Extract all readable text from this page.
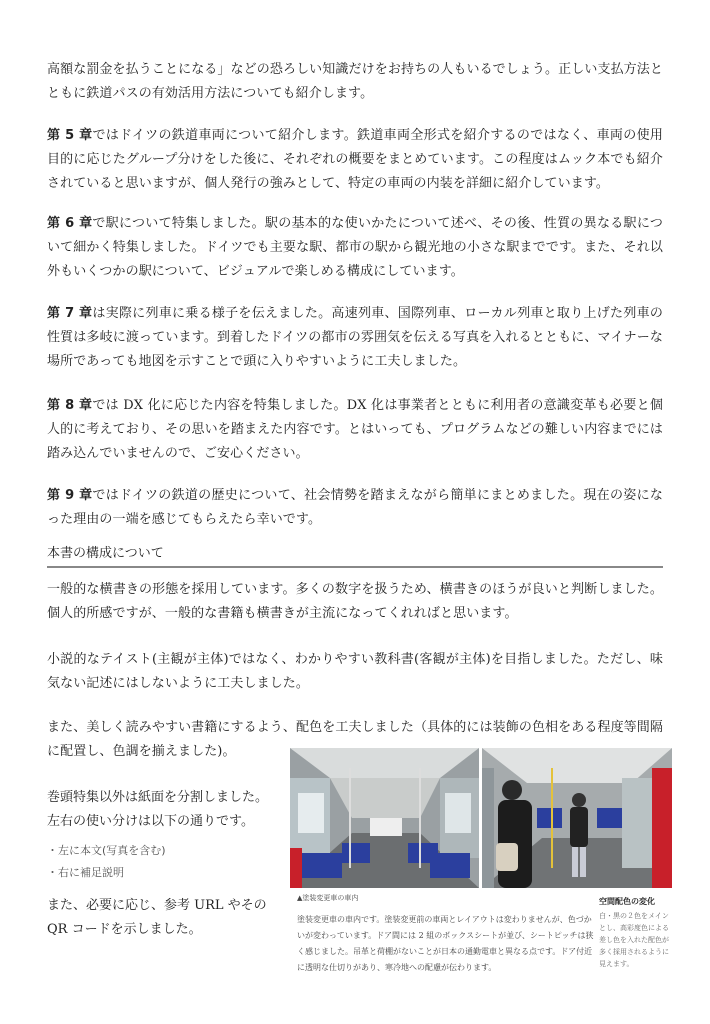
高額な罰金を払うことになる」などの恐ろしい知識だけをお持ちの人もいるでしょう。正しい支払方法とともに鉄道パスの有効活用方法についても紹介します。
第 5 章ではドイツの鉄道車両について紹介します。鉄道車両全形式を紹介するのではなく、車両の使用目的に応じたグループ分けをした後に、それぞれの概要をまとめています。この程度はムック本でも紹介されていると思いますが、個人発行の強みとして、特定の車両の内装を詳細に紹介しています。
第 6 章で駅について特集しました。駅の基本的な使いかたについて述べ、その後、性質の異なる駅について細かく特集しました。ドイツでも主要な駅、都市の駅から観光地の小さな駅までです。また、それ以外もいくつかの駅について、ビジュアルで楽しめる構成にしています。
第 7 章は実際に列車に乗る様子を伝えました。高速列車、国際列車、ローカル列車と取り上げた列車の性質は多岐に渡っています。到着したドイツの都市の雰囲気を伝える写真を入れるとともに、マイナーな場所であっても地図を示すことで頭に入りやすいように工夫しました。
第 8 章では DX 化に応じた内容を特集しました。DX 化は事業者とともに利用者の意識変革も必要と個人的に考えており、その思いを踏まえた内容です。とはいっても、プログラムなどの難しい内容までには踏み込んでいませんので、ご安心ください。
第 9 章ではドイツの鉄道の歴史について、社会情勢を踏まえながら簡単にまとめました。現在の姿になった理由の一端を感じてもらえたら幸いです。
本書の構成について
一般的な横書きの形態を採用しています。多くの数字を扱うため、横書きのほうが良いと判断しました。個人的所感ですが、一般的な書籍も横書きが主流になってくれればと思います。
小説的なテイスト(主観が主体)ではなく、わかりやすい教科書(客観が主体)を目指しました。ただし、味気ない記述にはしないように工夫しました。
また、美しく読みやすい書籍にするよう、配色を工夫しました（具体的には装飾の色相をある程度等間隔に配置し、色調を揃えました)。
巻頭特集以外は紙面を分割しました。左右の使い分けは以下の通りです。
・左に本文(写真を含む)
・右に補足説明
また、必要に応じ、参考 URL やその QR コードを示しました。
▲塗装変更車の車内
塗装変更車の車内です。塗装変更前の車両とレイアウトは変わりませんが、色づかいが変わっています。ドア間には 2 組のボックスシートが並び、シートピッチは狭く感じました。吊革と荷棚がないことが日本の通勤電車と異なる点です。ドア付近に透明な仕切りがあり、寒冷地への配慮が伝わります。
空間配色の変化
白・黒の２色をメインとし、高彩度色による差し色を入れた配色が多く採用されるように見えます。
